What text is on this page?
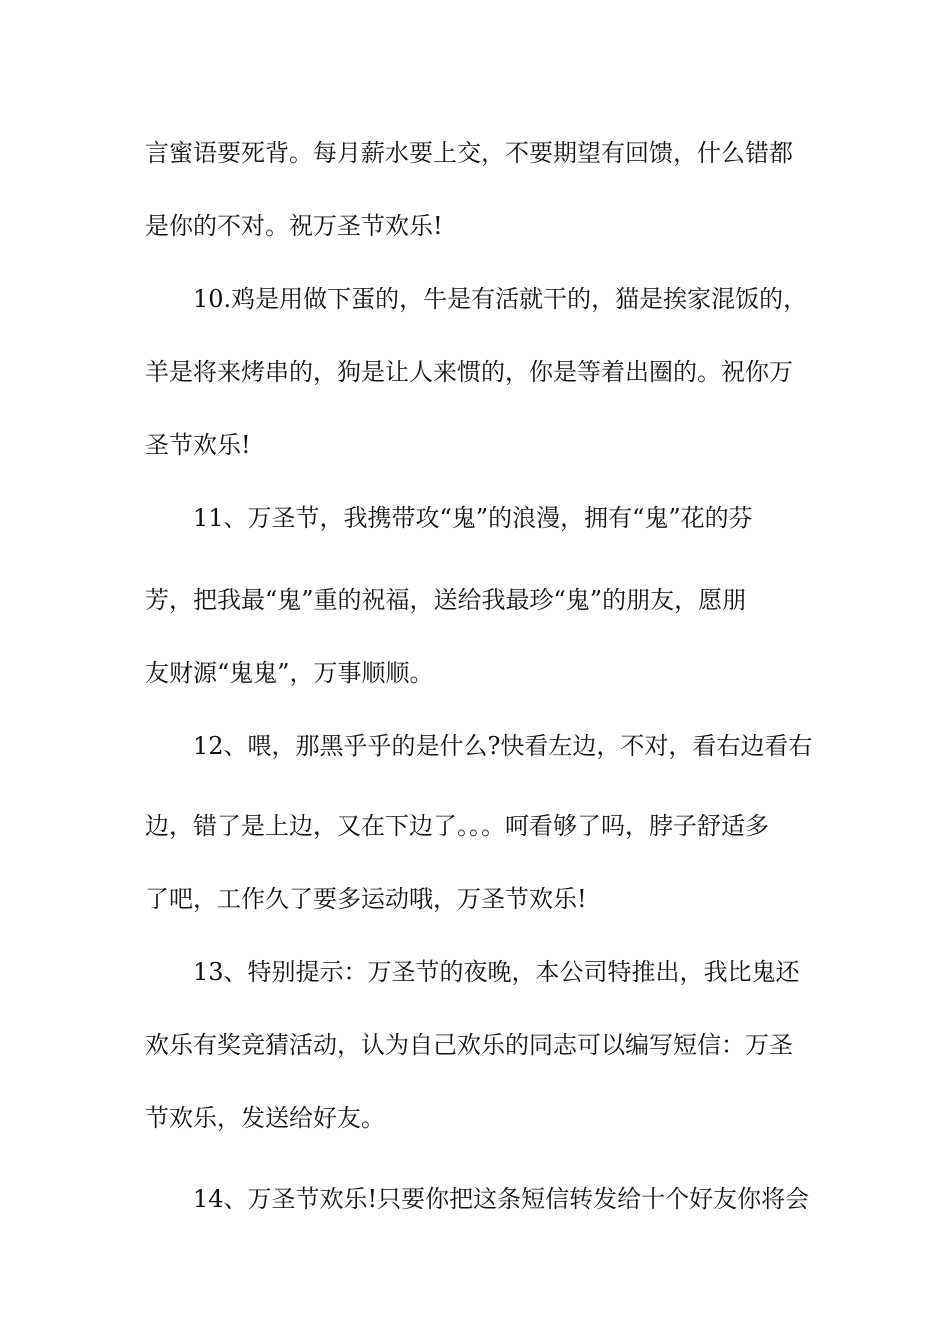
言蜜语要死背。每月薪水要上交，不要期望有回馈，什么错都
是你的不对。祝万圣节欢乐!
10.鸡是用做下蛋的，牛是有活就干的，猫是挨家混饭的，
羊是将来烤串的，狗是让人来惯的，你是等着出圈的。祝你万
圣节欢乐!
11、万圣节，我携带攻“鬼”的浪漫，拥有“鬼”花的芬
芳，把我最“鬼”重的祝福，送给我最珍“鬼”的朋友，愿朋
友财源“鬼鬼”，万事顺顺。
12、喂，那黑乎乎的是什么?快看左边，不对，看右边看右
边，错了是上边，又在下边了。。。呵看够了吗，脖子舒适多
了吧，工作久了要多运动哦，万圣节欢乐!
13、特别提示：万圣节的夜晚，本公司特推出，我比鬼还
欢乐有奖竞猜活动，认为自己欢乐的同志可以编写短信：万圣
节欢乐，发送给好友。
14、万圣节欢乐!只要你把这条短信转发给十个好友你将会
